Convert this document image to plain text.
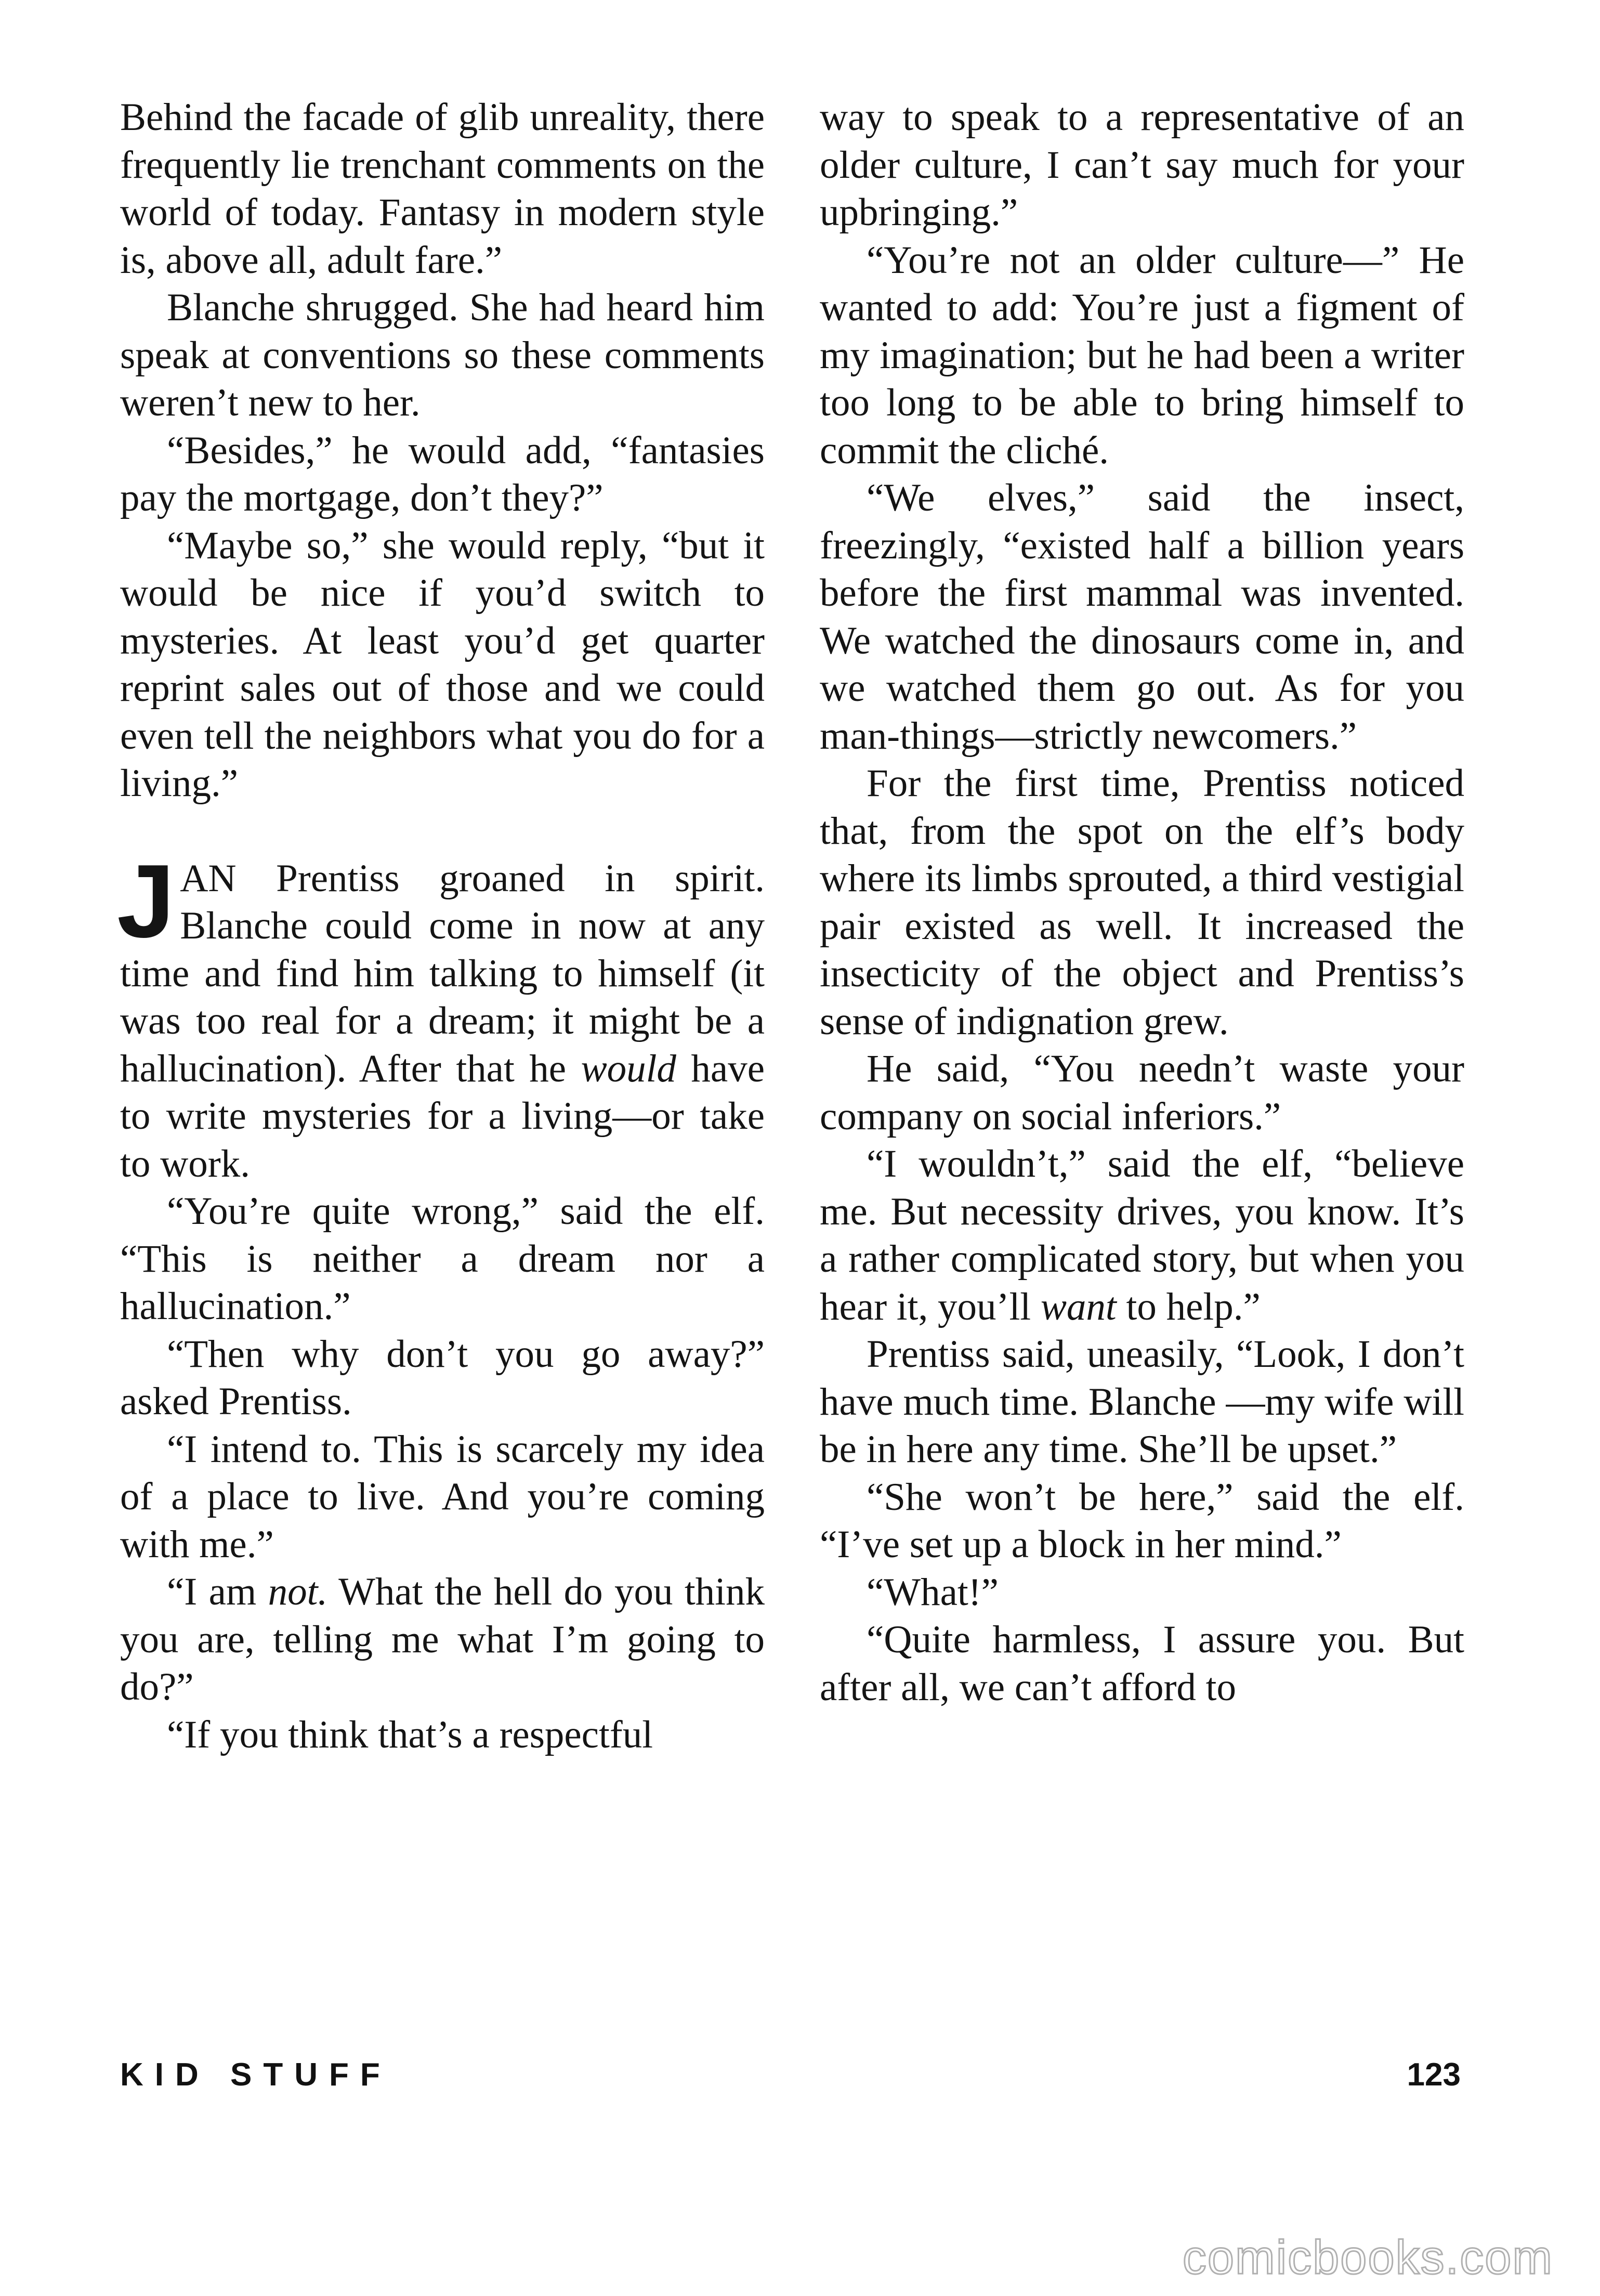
Behind the facade of glib unreality, there frequently lie trenchant comments on the world of today. Fantasy in modern style is, above all, adult fare.”

Blanche shrugged. She had heard him speak at conventions so these comments weren’t new to her.

“Besides,” he would add, “fantasies pay the mortgage, don’t they?”

“Maybe so,” she would reply, “but it would be nice if you’d switch to mysteries. At least you’d get quarter reprint sales out of those and we could even tell the neighbors what you do for a living.”

JAN Prentiss groaned in spirit. Blanche could come in now at any time and find him talking to himself (it was too real for a dream; it might be a hallucination). After that he would have to write mysteries for a living—or take to work.

“You’re quite wrong,” said the elf. “This is neither a dream nor a hallucination.”

“Then why don’t you go away?” asked Prentiss.

“I intend to. This is scarcely my idea of a place to live. And you’re coming with me.”

“I am not. What the hell do you think you are, telling me what I’m going to do?”

“If you think that’s a respectful

way to speak to a representative of an older culture, I can’t say much for your upbringing.”

“You’re not an older culture—” He wanted to add: You’re just a figment of my imagination; but he had been a writer too long to be able to bring himself to commit the cliché.

“We elves,” said the insect, freezingly, “existed half a billion years before the first mammal was invented. We watched the dinosaurs come in, and we watched them go out. As for you man-things—strictly newcomers.”

For the first time, Prentiss noticed that, from the spot on the elf’s body where its limbs sprouted, a third vestigial pair existed as well. It increased the insecticity of the object and Prentiss’s sense of indignation grew.

He said, “You needn’t waste your company on social inferiors.”

“I wouldn’t,” said the elf, “believe me. But necessity drives, you know. It’s a rather complicated story, but when you hear it, you’ll want to help.”

Prentiss said, uneasily, “Look, I don’t have much time. Blanche —my wife will be in here any time. She’ll be upset.”

“She won’t be here,” said the elf. “I’ve set up a block in her mind.”

“What!”

“Quite harmless, I assure you. But after all, we can’t afford to

KID STUFF	123
comicbooks.com
